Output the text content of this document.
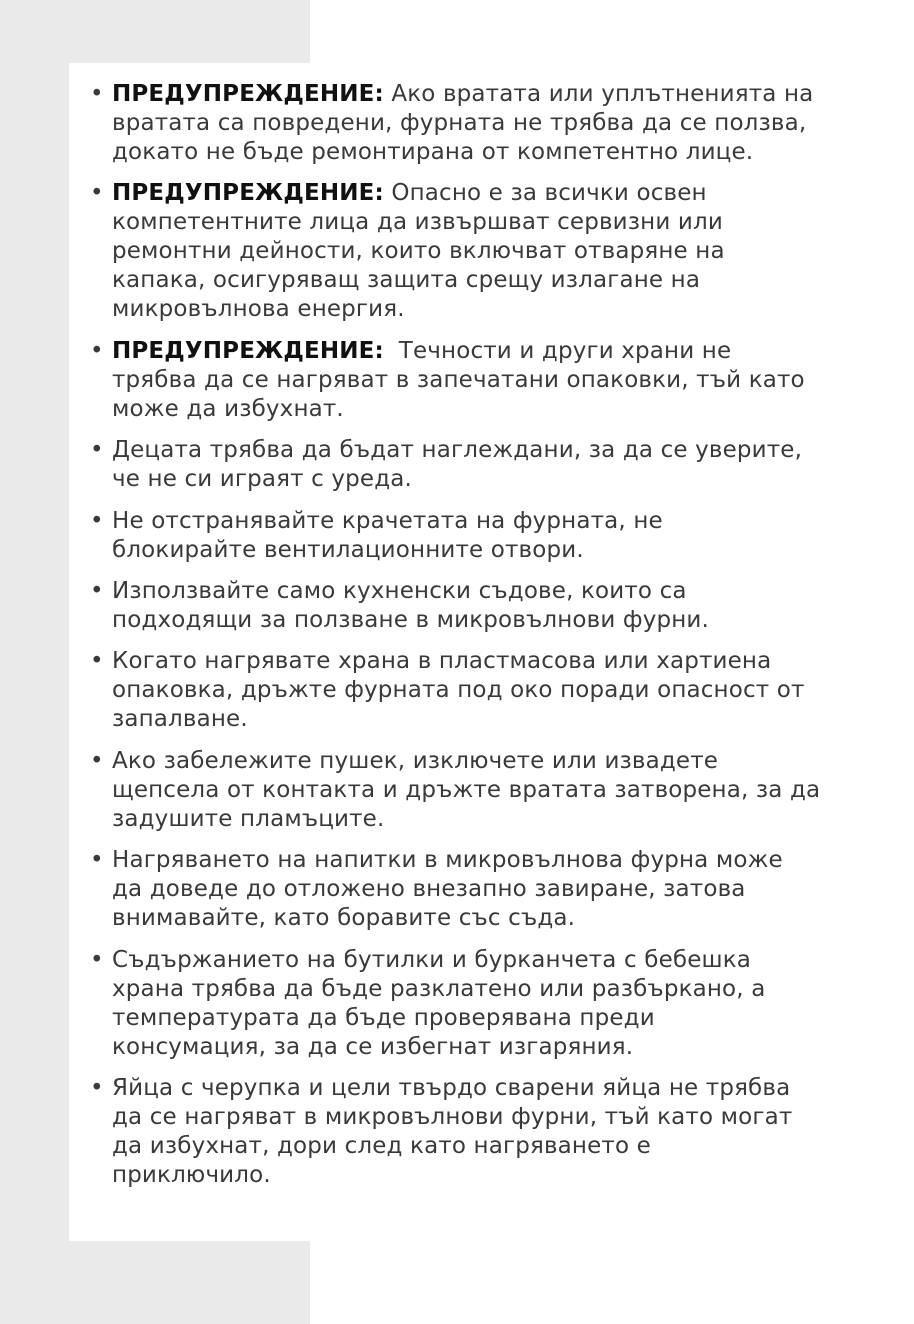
• ПРЕДУПРЕЖДЕНИЕ: Ако вратата или уплътненията на
вратата са повредени, фурната не трябва да се ползва,
докато не бъде ремонтирана от компетентно лице.
• ПРЕДУПРЕЖДЕНИЕ: Опасно е за всички освен
компетентните лица да извършват сервизни или
ремонтни дейности, които включват отваряне на
капака, осигуряващ защита срещу излагане на
микровълнова енергия.
• ПРЕДУПРЕЖДЕНИЕ:  Течности и други храни не
трябва да се нагряват в запечатани опаковки, тъй като
може да избухнат.
• Децата трябва да бъдат наглеждани, за да се уверите,
че не си играят с уреда.
• Не отстранявайте крачетата на фурната, не
блокирайте вентилационните отвори.
• Използвайте само кухненски съдове, които са
подходящи за ползване в микровълнови фурни.
• Когато нагрявате храна в пластмасова или хартиена
опаковка, дръжте фурната под око поради опасност от
запалване.
• Ако забележите пушек, изключете или извадете
щепсела от контакта и дръжте вратата затворена, за да
задушите пламъците.
• Нагряването на напитки в микровълнова фурна може
да доведе до отложено внезапно завиране, затова
внимавайте, като боравите със съда.
• Съдържанието на бутилки и бурканчета с бебешка
храна трябва да бъде разклатено или разбъркано, а
температурата да бъде проверявана преди
консумация, за да се избегнат изгаряния.
• Яйца с черупка и цели твърдо сварени яйца не трябва
да се нагряват в микровълнови фурни, тъй като могат
да избухнат, дори след като нагряването е
приключило.
